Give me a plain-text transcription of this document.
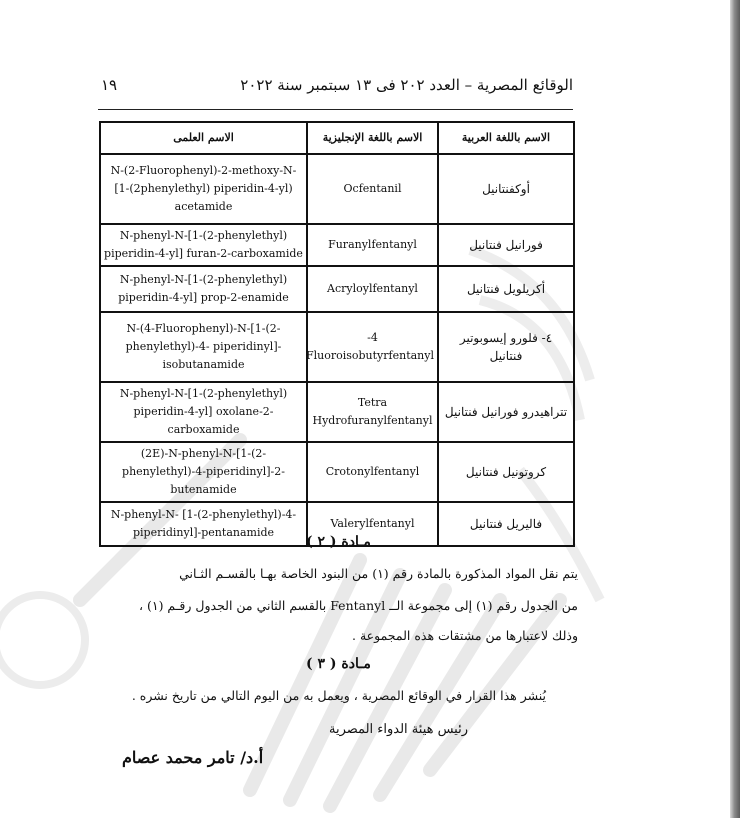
الوقائع المصرية – العدد ٢٠٢ فى ١٣ سبتمبر سنة ٢٠٢٢
١٩
الاسم باللغة العربية	الاسم باللغة الإنجليزية	الاسم العلمى
أوكفنتانيل	Ocfentanil	N-(2-Fluorophenyl)-2-methoxy-N-[1-(2phenylethyl) piperidin-4-yl) acetamide
فورانيل فنتانيل	Furanylfentanyl	N-phenyl-N-[1-(2-phenylethyl) piperidin-4-yl] furan-2-carboxamide
أكريلويل فنتانيل	Acryloylfentanyl	N-phenyl-N-[1-(2-phenylethyl) piperidin-4-yl] prop-2-enamide
٤- فلورو إيسوبوتير فنتانيل	4-Fluoroisobutyrfentanyl	N-(4-Fluorophenyl)-N-[1-(2-phenylethyl)-4- piperidinyl]-isobutanamide
تتراهيدرو فورانيل فنتانيل	Tetra Hydrofuranylfentanyl	N-phenyl-N-[1-(2-phenylethyl) piperidin-4-yl] oxolane-2-carboxamide
كروتونيل فنتانيل	Crotonylfentanyl	(2E)-N-phenyl-N-[1-(2-phenylethyl)-4-piperidinyl]-2-butenamide
فاليريل فنتانيل	Valerylfentanyl	N-phenyl-N- [1-(2-phenylethyl)-4-piperidinyl]-pentanamide
مـادة ( ٢ )
يتم نقل المواد المذكورة بالمادة رقم (١) من البنود الخاصة بهـا بالقسـم الثـاني
من الجدول رقم (١) إلى مجموعة الــ Fentanyl بالقسم الثاني من الجدول رقـم (١) ،
وذلك لاعتبارها من مشتقات هذه المجموعة .
مـادة ( ٣ )
يُنشر هذا القرار في الوقائع المصرية ، ويعمل به من اليوم التالي من تاريخ نشره .
رئيس هيئة الدواء المصرية
أ.د/ تامر محمد عصام
